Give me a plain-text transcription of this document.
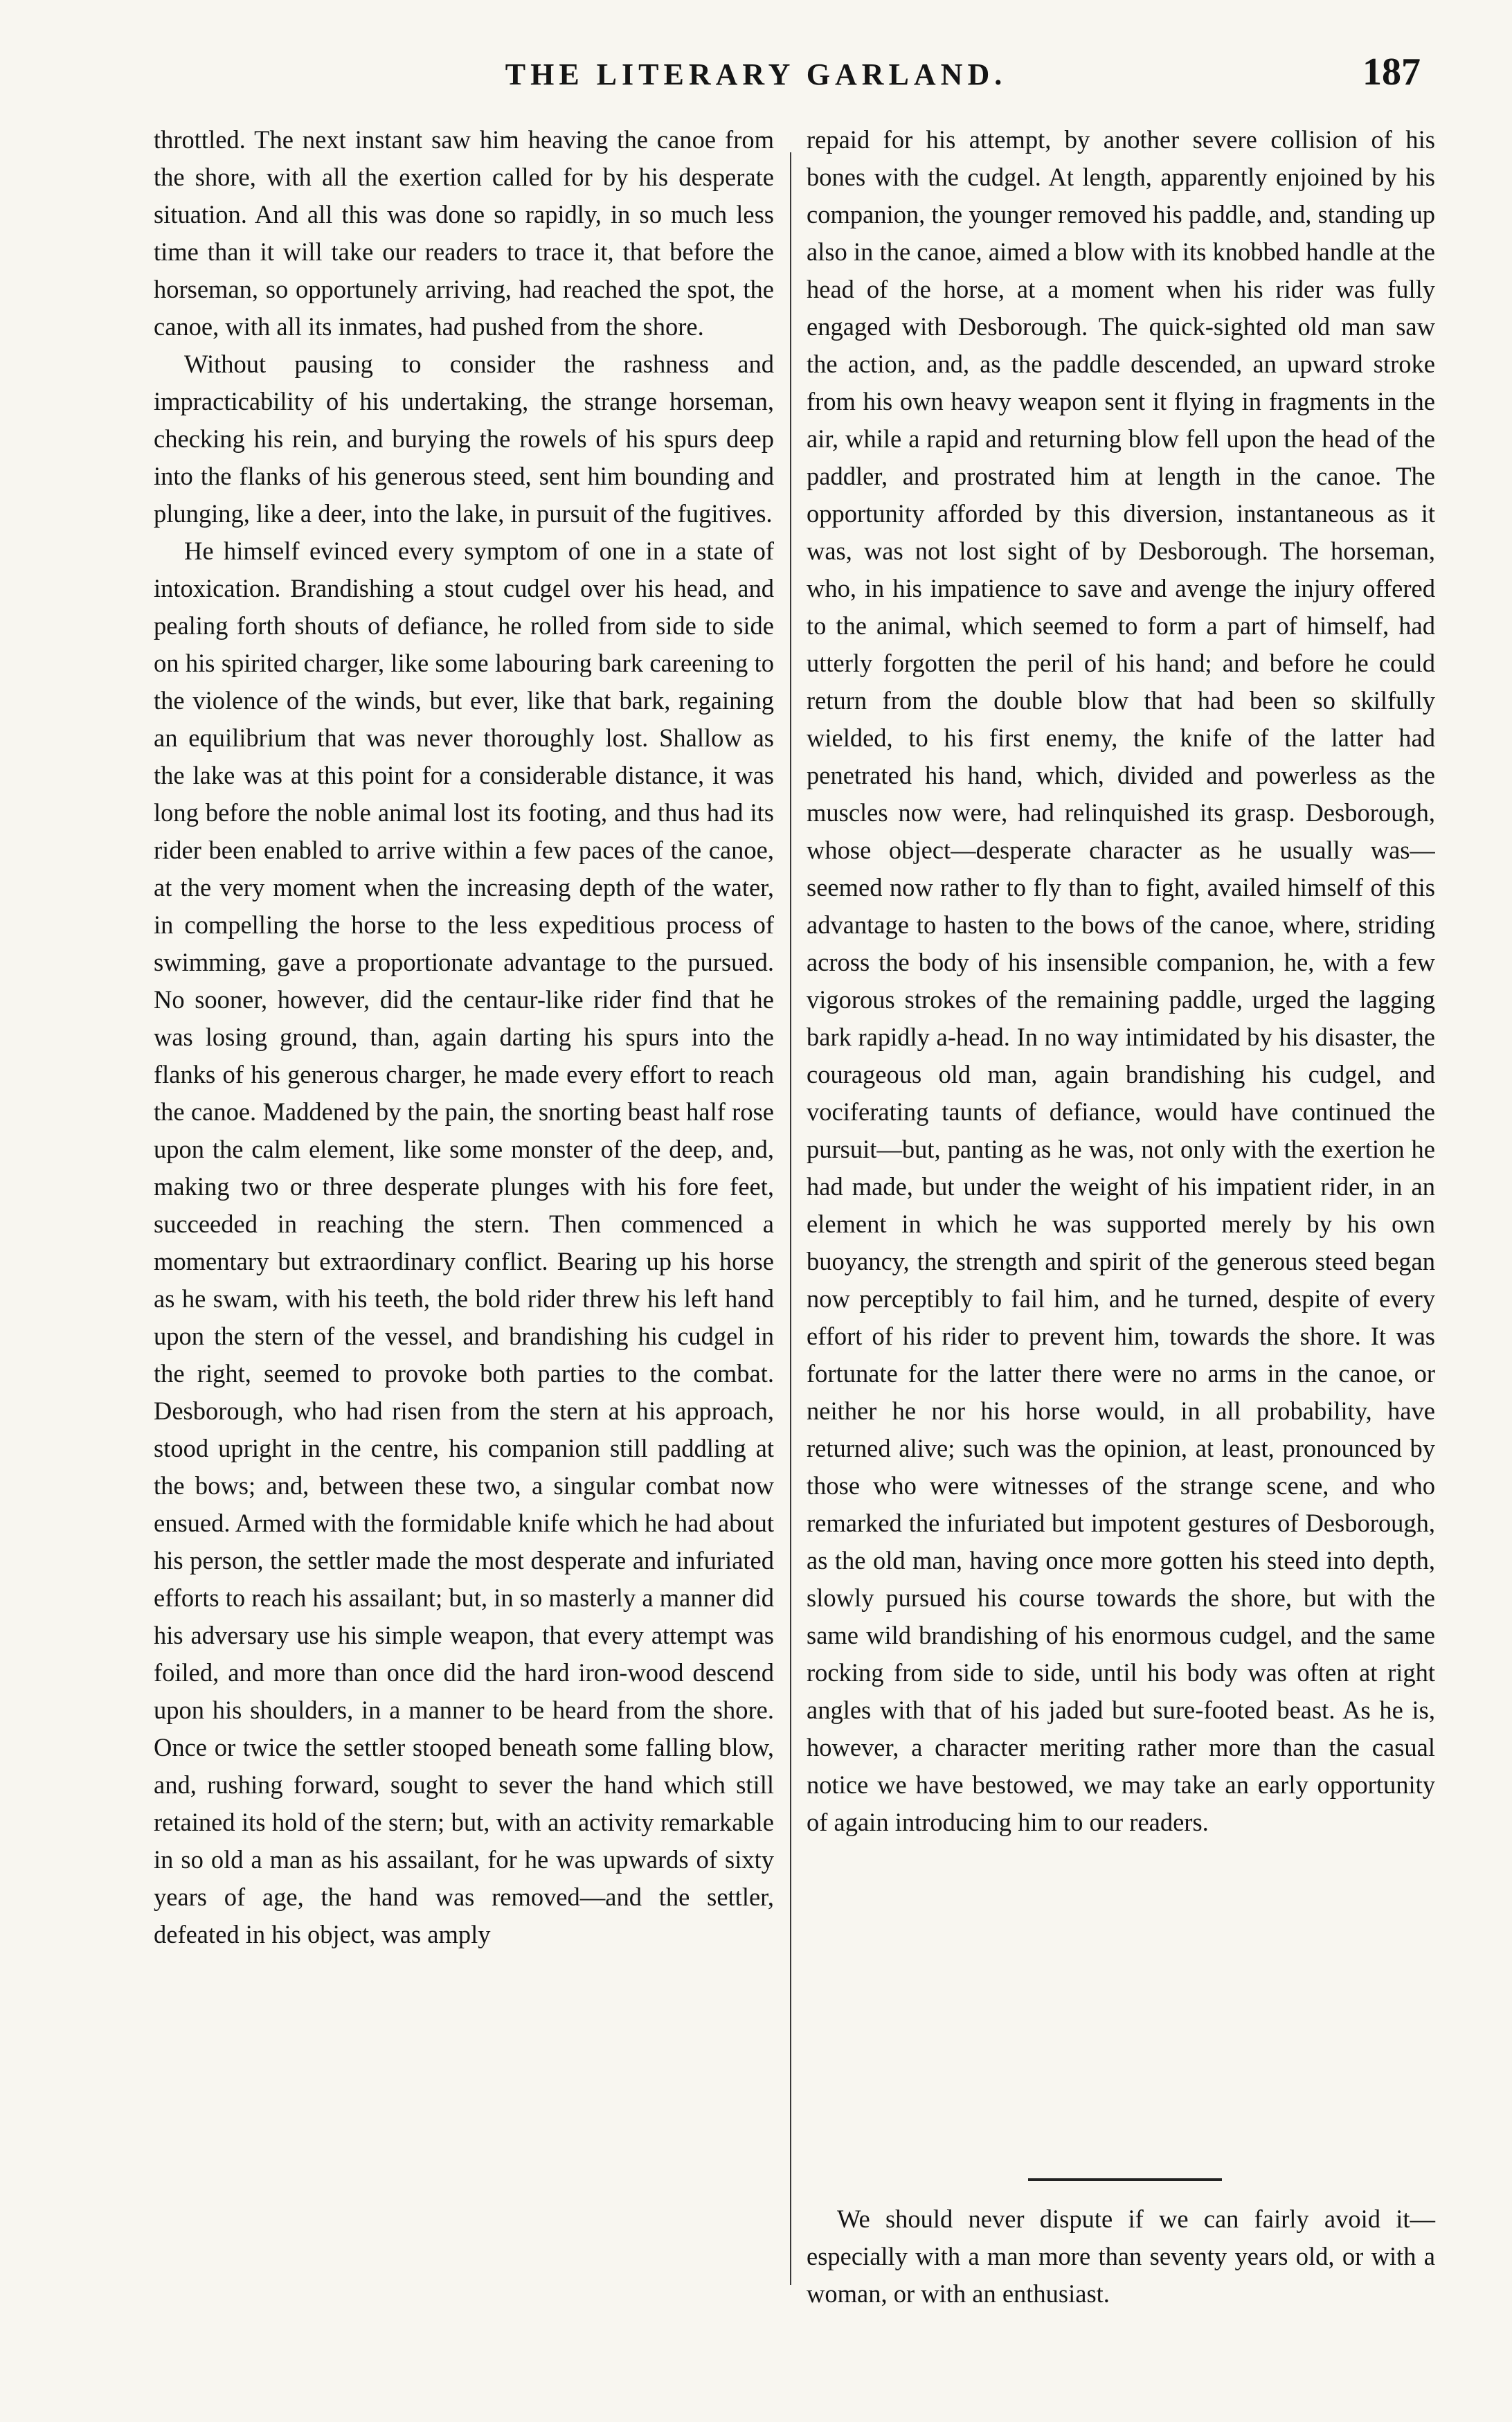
THE LITERARY GARLAND.	187

throttled. The next instant saw him heaving the canoe from the shore, with all the exertion called for by his desperate situation. And all this was done so rapidly, in so much less time than it will take our readers to trace it, that before the horseman, so opportunely arriving, had reached the spot, the canoe, with all its inmates, had pushed from the shore.

Without pausing to consider the rashness and impracticability of his undertaking, the strange horseman, checking his rein, and burying the rowels of his spurs deep into the flanks of his generous steed, sent him bounding and plunging, like a deer, into the lake, in pursuit of the fugitives.

He himself evinced every symptom of one in a state of intoxication. Brandishing a stout cudgel over his head, and pealing forth shouts of defiance, he rolled from side to side on his spirited charger, like some labouring bark careening to the violence of the winds, but ever, like that bark, regaining an equilibrium that was never thoroughly lost. Shallow as the lake was at this point for a considerable distance, it was long before the noble animal lost its footing, and thus had its rider been enabled to arrive within a few paces of the canoe, at the very moment when the increasing depth of the water, in compelling the horse to the less expeditious process of swimming, gave a proportionate advantage to the pursued. No sooner, however, did the centaur-like rider find that he was losing ground, than, again darting his spurs into the flanks of his generous charger, he made every effort to reach the canoe. Maddened by the pain, the snorting beast half rose upon the calm element, like some monster of the deep, and, making two or three desperate plunges with his fore feet, succeeded in reaching the stern. Then commenced a momentary but extraordinary conflict. Bearing up his horse as he swam, with his teeth, the bold rider threw his left hand upon the stern of the vessel, and brandishing his cudgel in the right, seemed to provoke both parties to the combat. Desborough, who had risen from the stern at his approach, stood upright in the centre, his companion still paddling at the bows; and, between these two, a singular combat now ensued. Armed with the formidable knife which he had about his person, the settler made the most desperate and infuriated efforts to reach his assailant; but, in so masterly a manner did his adversary use his simple weapon, that every attempt was foiled, and more than once did the hard iron-wood descend upon his shoulders, in a manner to be heard from the shore. Once or twice the settler stooped beneath some falling blow, and, rushing forward, sought to sever the hand which still retained its hold of the stern; but, with an activity remarkable in so old a man as his assailant, for he was upwards of sixty years of age, the hand was removed—and the settler, defeated in his object, was amply

repaid for his attempt, by another severe collision of his bones with the cudgel. At length, apparently enjoined by his companion, the younger removed his paddle, and, standing up also in the canoe, aimed a blow with its knobbed handle at the head of the horse, at a moment when his rider was fully engaged with Desborough. The quick-sighted old man saw the action, and, as the paddle descended, an upward stroke from his own heavy weapon sent it flying in fragments in the air, while a rapid and returning blow fell upon the head of the paddler, and prostrated him at length in the canoe. The opportunity afforded by this diversion, instantaneous as it was, was not lost sight of by Desborough. The horseman, who, in his impatience to save and avenge the injury offered to the animal, which seemed to form a part of himself, had utterly forgotten the peril of his hand; and before he could return from the double blow that had been so skilfully wielded, to his first enemy, the knife of the latter had penetrated his hand, which, divided and powerless as the muscles now were, had relinquished its grasp. Desborough, whose object—desperate character as he usually was—seemed now rather to fly than to fight, availed himself of this advantage to hasten to the bows of the canoe, where, striding across the body of his insensible companion, he, with a few vigorous strokes of the remaining paddle, urged the lagging bark rapidly a-head. In no way intimidated by his disaster, the courageous old man, again brandishing his cudgel, and vociferating taunts of defiance, would have continued the pursuit—but, panting as he was, not only with the exertion he had made, but under the weight of his impatient rider, in an element in which he was supported merely by his own buoyancy, the strength and spirit of the generous steed began now perceptibly to fail him, and he turned, despite of every effort of his rider to prevent him, towards the shore. It was fortunate for the latter there were no arms in the canoe, or neither he nor his horse would, in all probability, have returned alive; such was the opinion, at least, pronounced by those who were witnesses of the strange scene, and who remarked the infuriated but impotent gestures of Desborough, as the old man, having once more gotten his steed into depth, slowly pursued his course towards the shore, but with the same wild brandishing of his enormous cudgel, and the same rocking from side to side, until his body was often at right angles with that of his jaded but sure-footed beast. As he is, however, a character meriting rather more than the casual notice we have bestowed, we may take an early opportunity of again introducing him to our readers.

We should never dispute if we can fairly avoid it—especially with a man more than seventy years old, or with a woman, or with an enthusiast.
